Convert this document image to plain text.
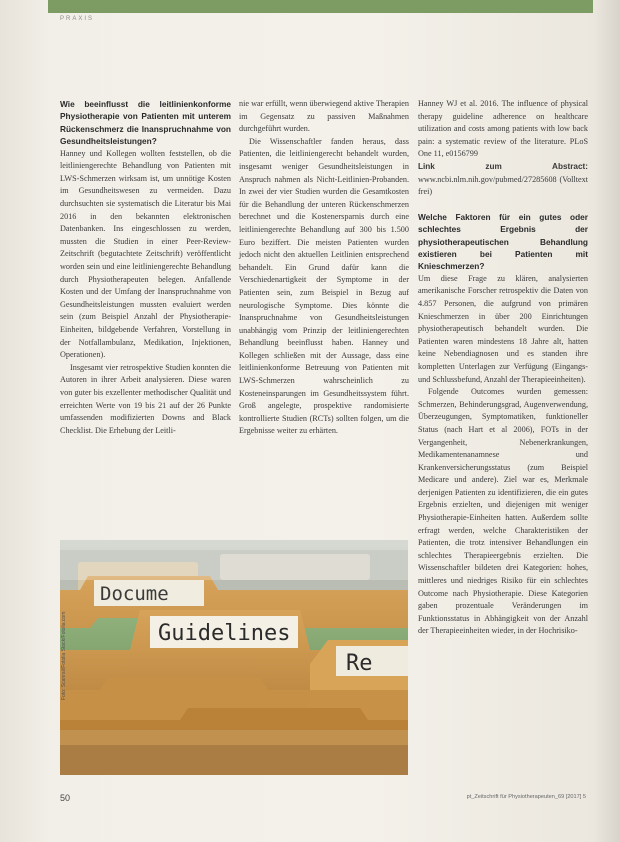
PRAXIS

Wie beeinflusst die leitlinienkonforme Physiotherapie von Patienten mit unterem Rückenschmerz die Inanspruchnahme von Gesundheitsleistungen?

Hanney und Kollegen wollten feststellen, ob die leitliniengerechte Behandlung von Patienten mit LWS-Schmerzen wirksam ist, um unnötige Kosten im Gesundheitswesen zu vermeiden. Dazu durchsuchten sie systematisch die Literatur bis Mai 2016 in den bekannten elektronischen Datenbanken. Ins eingeschlossen zu werden, mussten die Studien in einer Peer-Review-Zeitschrift (begutachtete Zeitschrift) veröffentlicht worden sein und eine leitliniengerechte Behandlung durch Physiotherapeuten belegen. Anfallende Kosten und der Umfang der Inanspruchnahme von Gesundheitsleistungen mussten evaluiert werden sein (zum Beispiel Anzahl der Physiotherapie-Einheiten, bildgebende Verfahren, Vorstellung in der Notfallambulanz, Medikation, Injektionen, Operationen).

Insgesamt vier retrospektive Studien konnten die Autoren in ihrer Arbeit analysieren. Diese waren von guter bis exzellenter methodischer Qualität und erreichten Werte von 19 bis 21 auf der 26 Punkte umfassenden modifizierten Downs and Black Checklist. Die Erhebung der Leitli-

nie war erfüllt, wenn überwiegend aktive Therapien im Gegensatz zu passiven Maßnahmen durchgeführt wurden.

Die Wissenschaftler fanden heraus, dass Patienten, die leitliniengerecht behandelt wurden, insgesamt weniger Gesundheitsleistungen in Anspruch nahmen als Nicht-Leitlinien-Probanden. In zwei der vier Studien wurden die Gesamtkosten für die Behandlung der unteren Rückenschmerzen berechnet und die Kostenersparnis durch eine leitliniengerechte Behandlung auf 300 bis 1.500 Euro beziffert. Die meisten Patienten wurden jedoch nicht den aktuellen Leitlinien entsprechend behandelt. Ein Grund dafür kann die Verschiedenartigkeit der Symptome in der Patienten sein, zum Beispiel in Bezug auf neurologische Symptome. Dies könnte die Inanspruchnahme von Gesundheitsleistungen unabhängig vom Prinzip der leitliniengerechten Behandlung beeinflusst haben. Hanney und Kollegen schließen mit der Aussage, dass eine leitlinienkonforme Betreuung von Patienten mit LWS-Schmerzen wahrscheinlich zu Kosteneinsparungen im Gesundheitssystem führt. Groß angelegte, prospektive randomisierte kontrollierte Studien (RCTs) sollten folgen, um die Ergebnisse weiter zu erhärten.

Hanney WJ et al. 2016. The influence of physical therapy guideline adherence on healthcare utilization and costs among patients with low back pain: a systematic review of the literature. PLoS One 11, e0156799

Link zum Abstract: www.ncbi.nlm.nih.gov/pubmed/27285608 (Volltext frei)

Welche Faktoren für ein gutes oder schlechtes Ergebnis der physiotherapeutischen Behandlung existieren bei Patienten mit Knieschmerzen?

Um diese Frage zu klären, analysierten amerikanische Forscher retrospektiv die Daten von 4.857 Personen, die aufgrund von primären Knieschmerzen in über 200 Einrichtungen physiotherapeutisch behandelt wurden. Die Patienten waren mindestens 18 Jahre alt, hatten keine Nebendiagnosen und es standen ihre kompletten Unterlagen zur Verfügung (Eingangs- und Schlussbefund, Anzahl der Therapieeinheiten).

Folgende Outcomes wurden gemessen: Schmerzen, Behinderungsgrad, Augenverwendung, Überzeugungen, Symptomatiken, funktioneller Status (nach Hart et al 2006), FOTs in der Vergangenheit, Nebenerkrankungen, Medikamentenanamnese und Krankenversicherungsstatus (zum Beispiel Medicare und andere). Ziel war es, Merkmale derjenigen Patienten zu identifizieren, die ein gutes Ergebnis erzielten, und diejenigen mit weniger Physiotherapie-Einheiten hatten. Außerdem sollte erfragt werden, welche Charakteristiken der Patienten, die trotz intensiver Behandlungen ein schlechtes Therapieergebnis erzielten. Die Wissenschaftler bildeten drei Kategorien: hohes, mittleres und niedriges Risiko für ein schlechtes Outcome nach Physiotherapie. Diese Kategorien gaben prozentuale Veränderungen im Funktionsstatus in Abhängigkeit von der Anzahl der Therapieeinheiten wieder, in der Hochrisiko-

Docume
Guidelines
Re
Foto: Scanrail/Fotolia Stock/Fotolia.com
50	pt_Zeitschrift für Physiotherapeuten_69 [2017] 5
